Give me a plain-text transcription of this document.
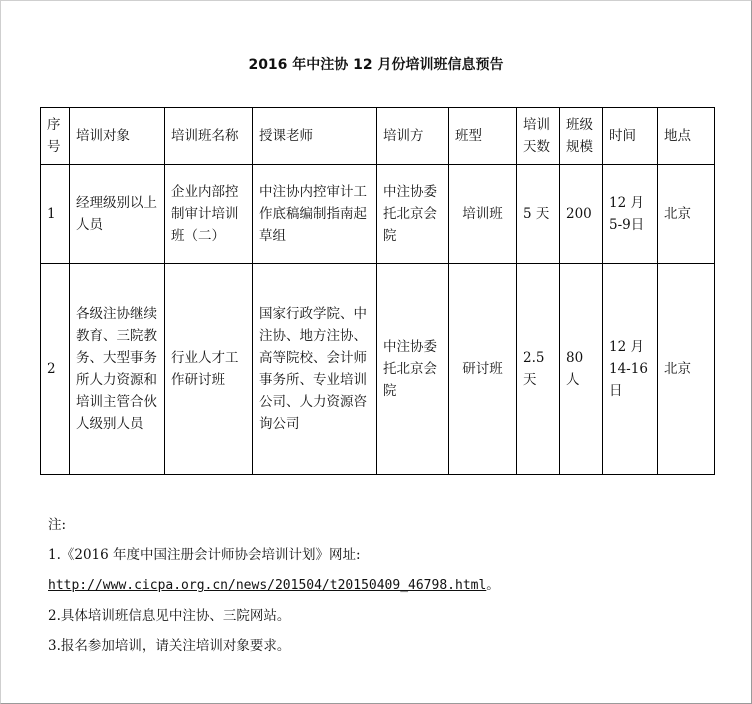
2016 年中注协 12 月份培训班信息预告
序号	培训对象	培训班名称	授课老师	培训方	班型	培训天数	班级规模	时间	地点
1	经理级别以上人员	企业内部控制审计培训班（二）	中注协内控审计工作底稿编制指南起草组	中注协委托北京会院	培训班	5 天	200	12 月 5-9日	北京
2	各级注协继续教育、三院教务、大型事务所人力资源和培训主管合伙人级别人员	行业人才工作研讨班	国家行政学院、中注协、地方注协、高等院校、会计师事务所、专业培训公司、人力资源咨询公司	中注协委托北京会院	研讨班	2.5 天	80 人	12 月 14-16 日	北京
注:
1.《2016 年度中国注册会计师协会培训计划》网址:
http://www.cicpa.org.cn/news/201504/t20150409_46798.html。
2.具体培训班信息见中注协、三院网站。
3.报名参加培训，请关注培训对象要求。
